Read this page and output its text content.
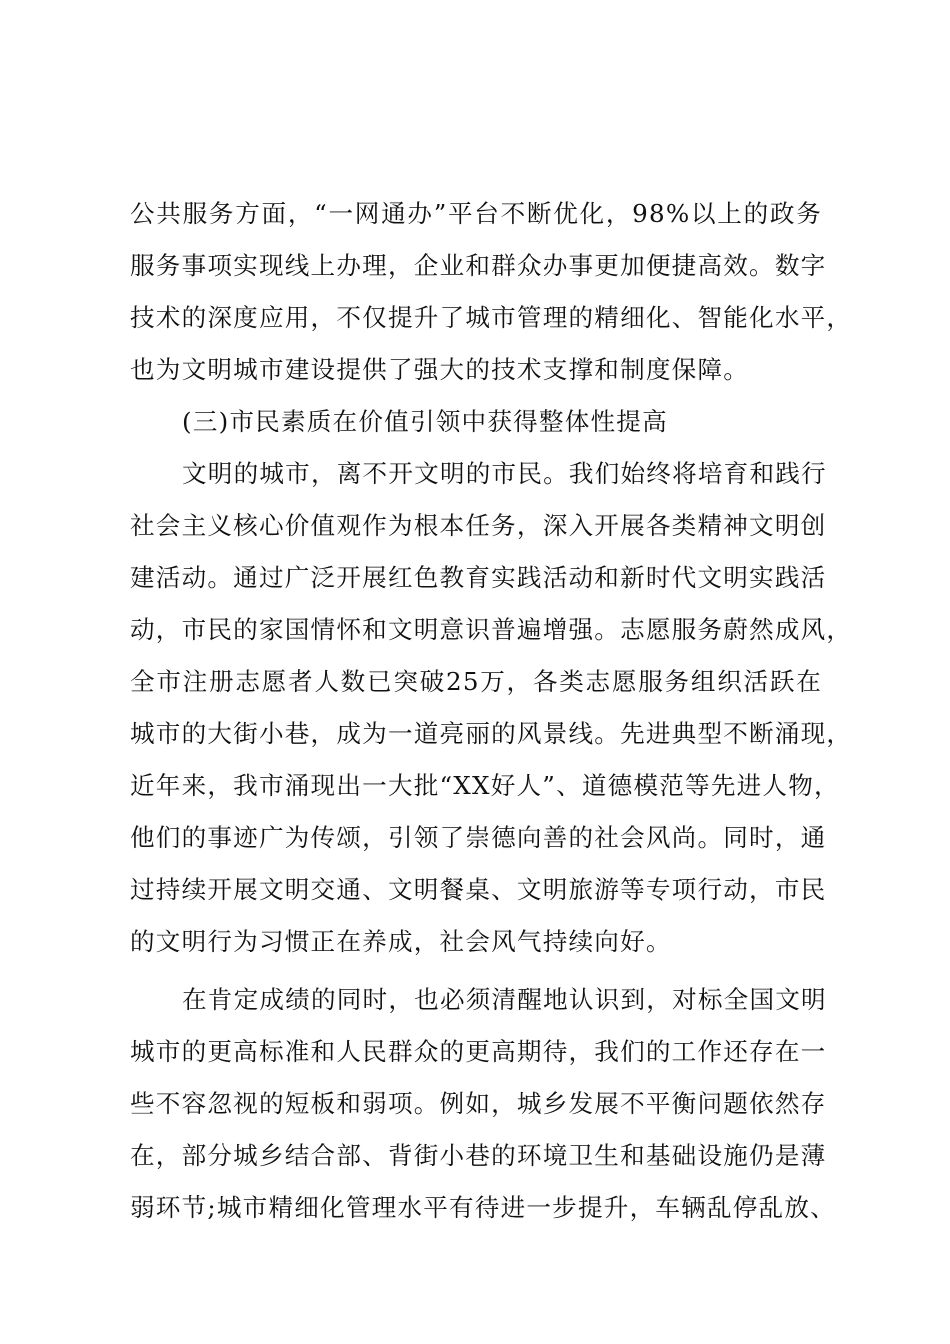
公共服务方面，“一网通办”平台不断优化，98%以上的政务
服务事项实现线上办理，企业和群众办事更加便捷高效。数字
技术的深度应用，不仅提升了城市管理的精细化、智能化水平，
也为文明城市建设提供了强大的技术支撑和制度保障。
(三)市民素质在价值引领中获得整体性提高
文明的城市，离不开文明的市民。我们始终将培育和践行
社会主义核心价值观作为根本任务，深入开展各类精神文明创
建活动。通过广泛开展红色教育实践活动和新时代文明实践活
动，市民的家国情怀和文明意识普遍增强。志愿服务蔚然成风，
全市注册志愿者人数已突破25万，各类志愿服务组织活跃在
城市的大街小巷，成为一道亮丽的风景线。先进典型不断涌现，
近年来，我市涌现出一大批“XX好人”、道德模范等先进人物，
他们的事迹广为传颂，引领了崇德向善的社会风尚。同时，通
过持续开展文明交通、文明餐桌、文明旅游等专项行动，市民
的文明行为习惯正在养成，社会风气持续向好。
在肯定成绩的同时，也必须清醒地认识到，对标全国文明
城市的更高标准和人民群众的更高期待，我们的工作还存在一
些不容忽视的短板和弱项。例如，城乡发展不平衡问题依然存
在，部分城乡结合部、背街小巷的环境卫生和基础设施仍是薄
弱环节;城市精细化管理水平有待进一步提升，车辆乱停乱放、
